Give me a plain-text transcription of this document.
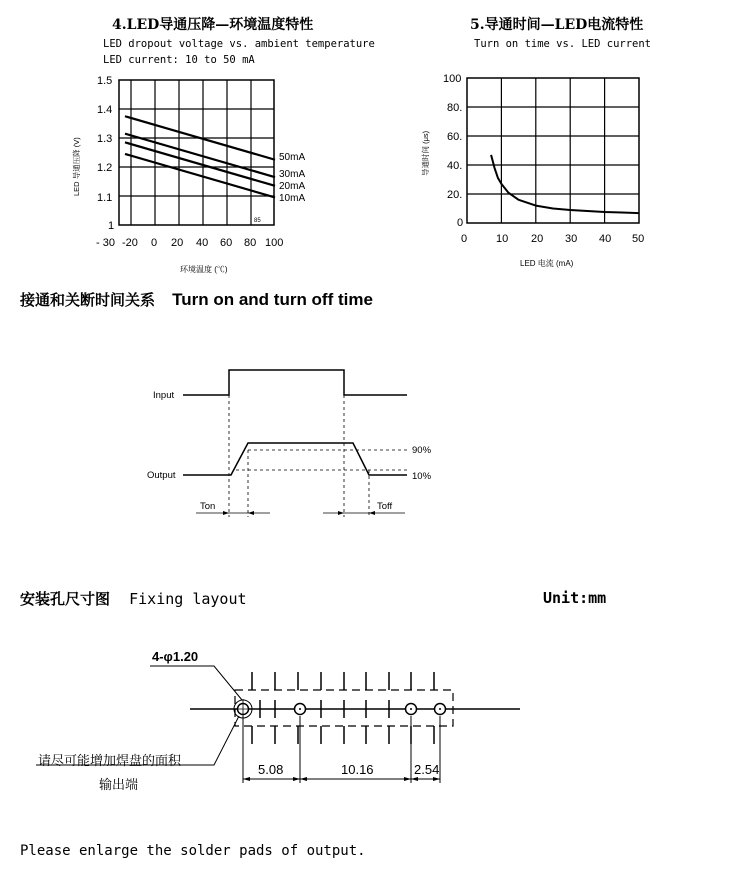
4.LED导通压降—环境温度特性
LED dropout voltage vs. ambient temperature
LED current: 10 to 50 mA
50mA
30mA
20mA
10mA
1.5
1.4
1.3
1.2
1.1
1
- 30 -20 0 20 40 60 80 100
85
环境温度 (℃)
LED 导通压降 (V)
5.导通时间—LED电流特性
Turn on time vs. LED current
100
80.
60.
40.
20.
0
0	10 20 30 40 50
LED 电流 (mA)
导通时间 (μs)
接通和关断时间关系 Turn on and turn off time
Input
Output
90%
10%
Ton	Toff
安装孔尺寸图 Fixing layout	Unit:mm
4-φ1.20
5.08	10.16	2.54
请尽可能增加焊盘的面积
输出端
Please enlarge the solder pads of output.
